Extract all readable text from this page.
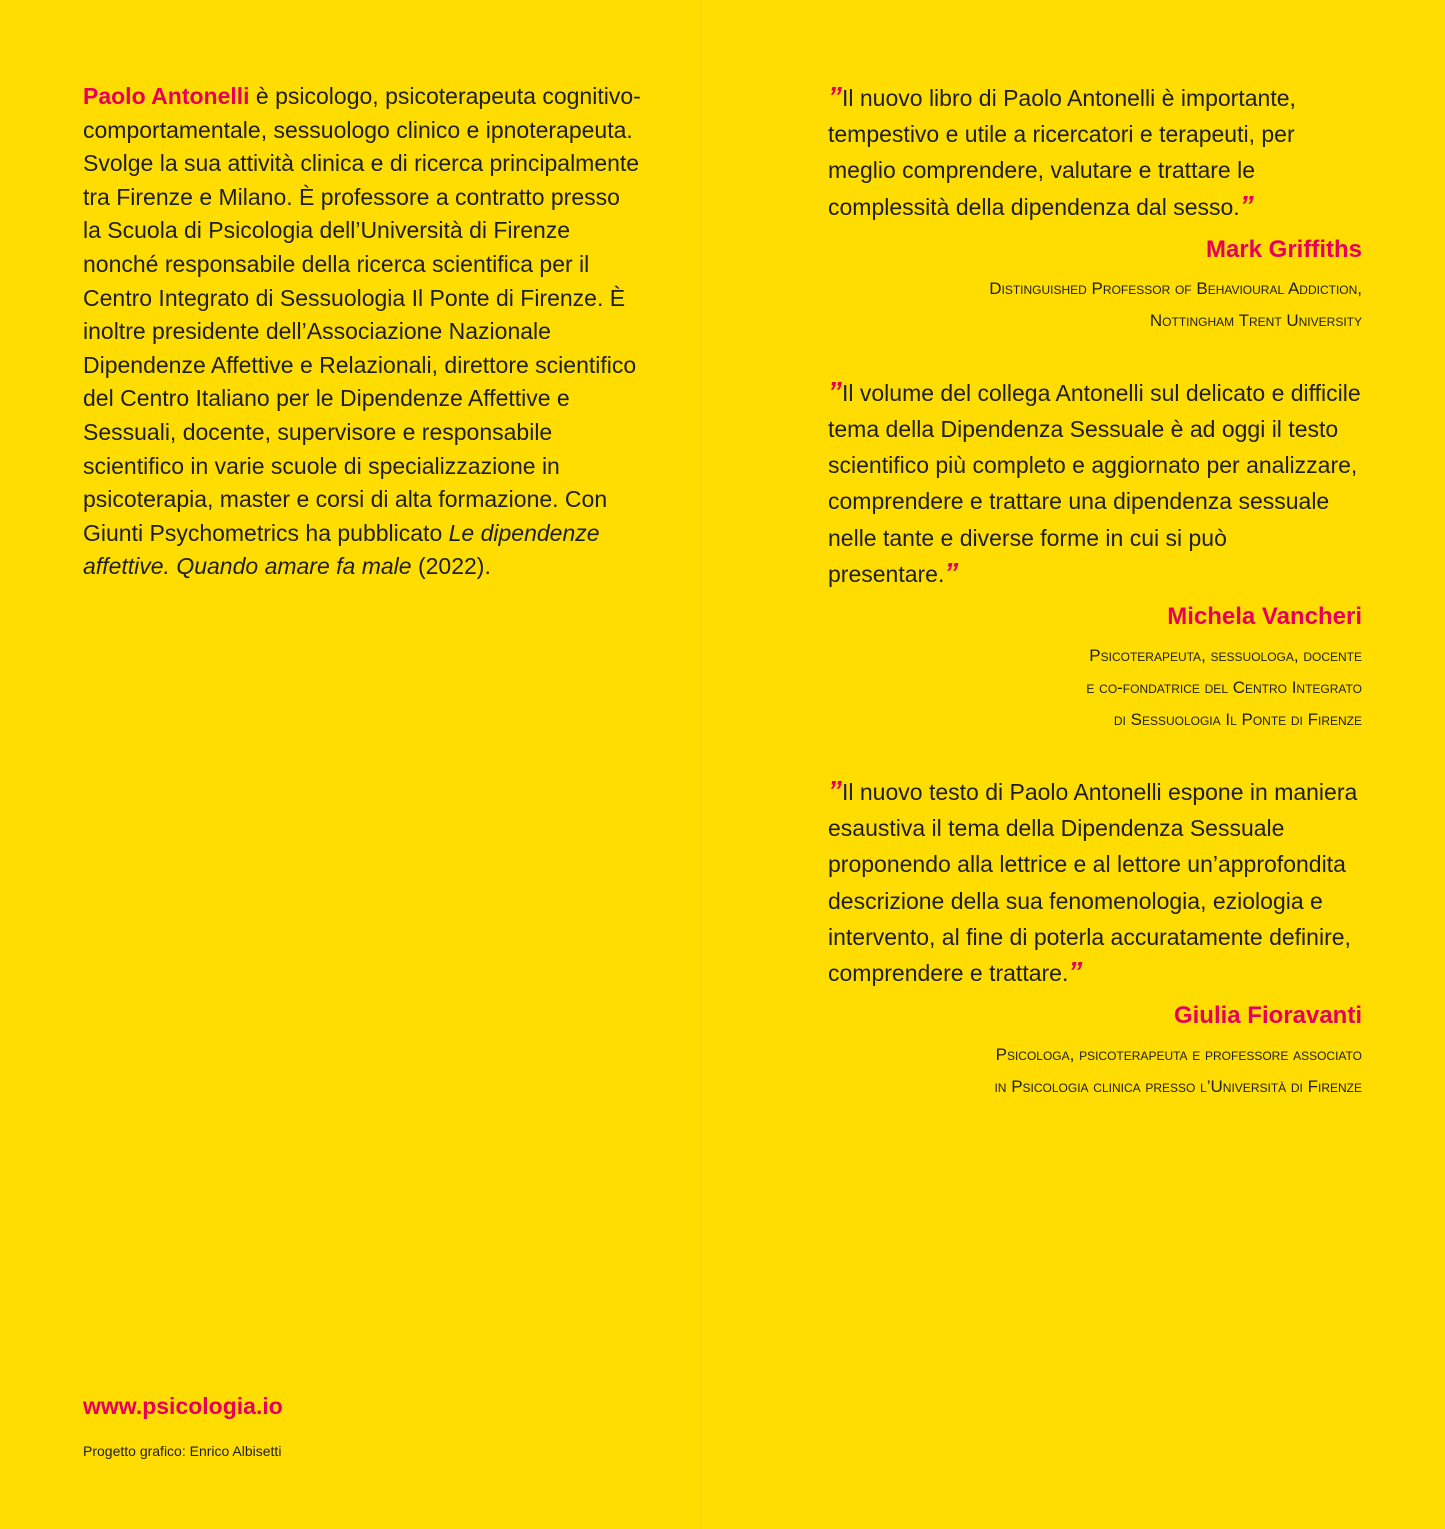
Paolo Antonelli è psicologo, psicoterapeuta cognitivo-comportamentale, sessuologo clinico e ipnoterapeuta. Svolge la sua attività clinica e di ricerca principalmente tra Firenze e Milano. È professore a contratto presso la Scuola di Psicologia dell’Università di Firenze nonché responsabile della ricerca scientifica per il Centro Integrato di Sessuologia Il Ponte di Firenze. È inoltre presidente dell’Associazione Nazionale Dipendenze Affettive e Relazionali, direttore scientifico del Centro Italiano per le Dipendenze Affettive e Sessuali, docente, supervisore e responsabile scientifico in varie scuole di specializzazione in psicoterapia, master e corsi di alta formazione. Con Giunti Psychometrics ha pubblicato Le dipendenze affettive. Quando amare fa male (2022).

www.psicologia.io

Progetto grafico: Enrico Albisetti

”Il nuovo libro di Paolo Antonelli è importante, tempestivo e utile a ricercatori e terapeuti, per meglio comprendere, valutare e trattare le complessità della dipendenza dal sesso.”

Mark Griffiths

Distinguished Professor of Behavioural Addiction,
Nottingham Trent University

”Il volume del collega Antonelli sul delicato e difficile tema della Dipendenza Sessuale è ad oggi il testo scientifico più completo e aggiornato per analizzare, comprendere e trattare una dipendenza sessuale nelle tante e diverse forme in cui si può presentare.”

Michela Vancheri

Psicoterapeuta, sessuologa, docente
e co-fondatrice del Centro Integrato
di Sessuologia Il Ponte di Firenze

”Il nuovo testo di Paolo Antonelli espone in maniera esaustiva il tema della Dipendenza Sessuale proponendo alla lettrice e al lettore un’approfondita descrizione della sua fenomenologia, eziologia e intervento, al fine di poterla accuratamente definire, comprendere e trattare.”

Giulia Fioravanti

Psicologa, psicoterapeuta e professore associato
in Psicologia clinica presso l’Università di Firenze
